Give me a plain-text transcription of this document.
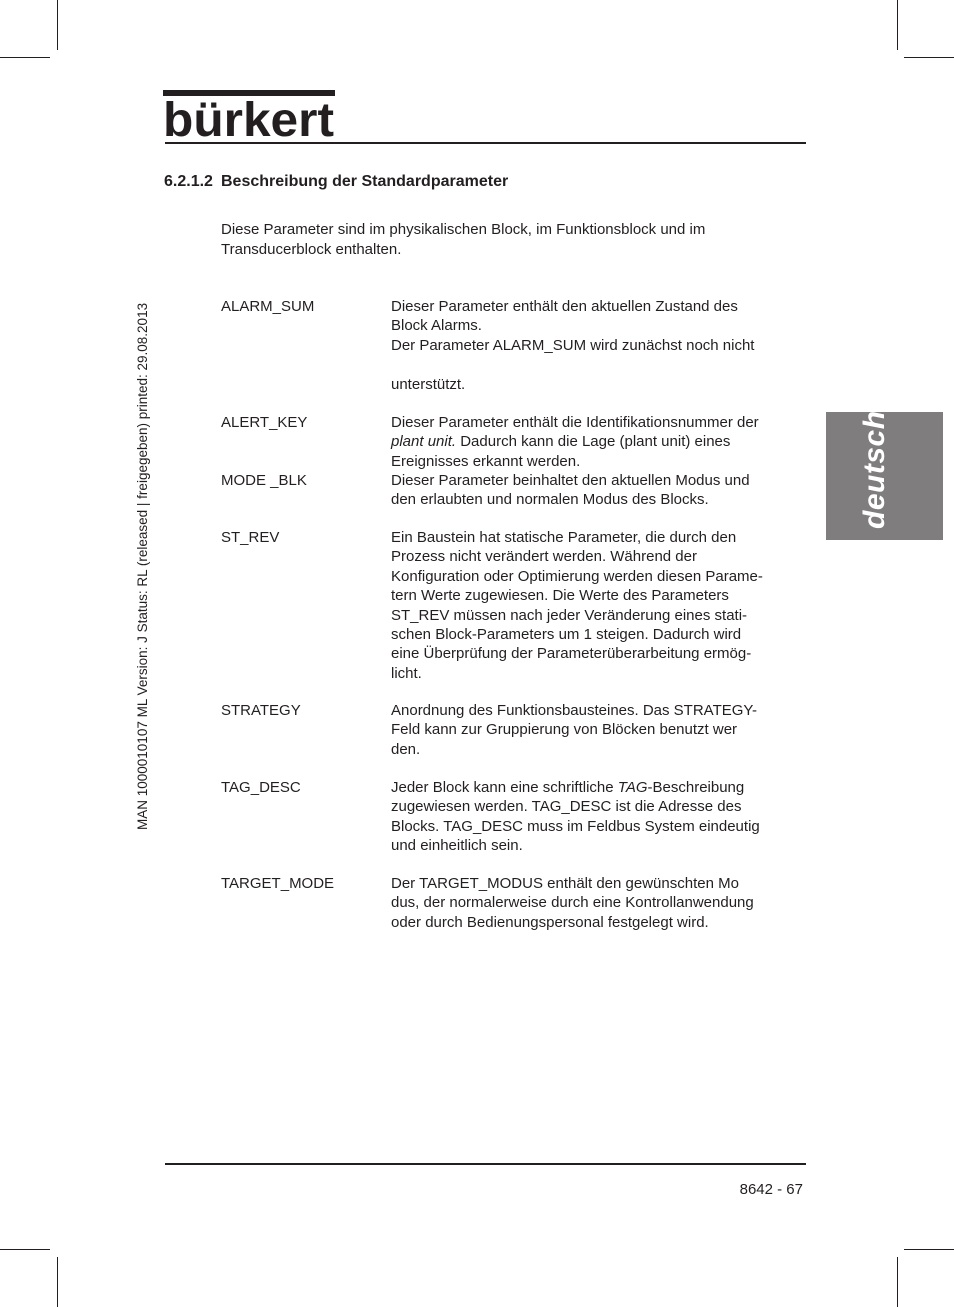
bürkert
6.2.1.2 Beschreibung der Standardparameter
Diese Parameter sind im physikalischen Block, im Funktionsblock und im
Transducerblock enthalten.
ALARM_SUM	Dieser Parameter enthält den aktuellen Zustand des
Block Alarms.
Der Parameter ALARM_SUM wird zunächst noch nicht

unterstützt.
ALERT_KEY	Dieser Parameter enthält die Identifikationsnummer der
plant unit. Dadurch kann die Lage (plant unit) eines
Ereignisses erkannt werden.
MODE _BLK	Dieser Parameter beinhaltet den aktuellen Modus und
den erlaubten und normalen Modus des Blocks.
ST_REV	Ein Baustein hat statische Parameter, die durch den
Prozess nicht verändert werden. Während der
Konfiguration oder Optimierung werden diesen Parame-
tern Werte zugewiesen. Die Werte des Parameters
ST_REV müssen nach jeder Veränderung eines stati-
schen Block-Parameters um 1 steigen. Dadurch wird
eine Überprüfung der Parameterüberarbeitung ermög-
licht.
STRATEGY	Anordnung des Funktionsbausteines. Das STRATEGY-
Feld kann zur Gruppierung von Blöcken benutzt wer
den.
TAG_DESC	Jeder Block kann eine schriftliche TAG-Beschreibung
zugewiesen werden. TAG_DESC ist die Adresse des
Blocks. TAG_DESC muss im Feldbus System eindeutig
und einheitlich sein.
TARGET_MODE	Der TARGET_MODUS enthält den gewünschten Mo
dus, der normalerweise durch eine Kontrollanwendung
oder durch Bedienungspersonal festgelegt wird.
MAN 1000010107 ML Version: J Status: RL (released | freigegeben) printed: 29.08.2013	deutsch
8642 - 67
